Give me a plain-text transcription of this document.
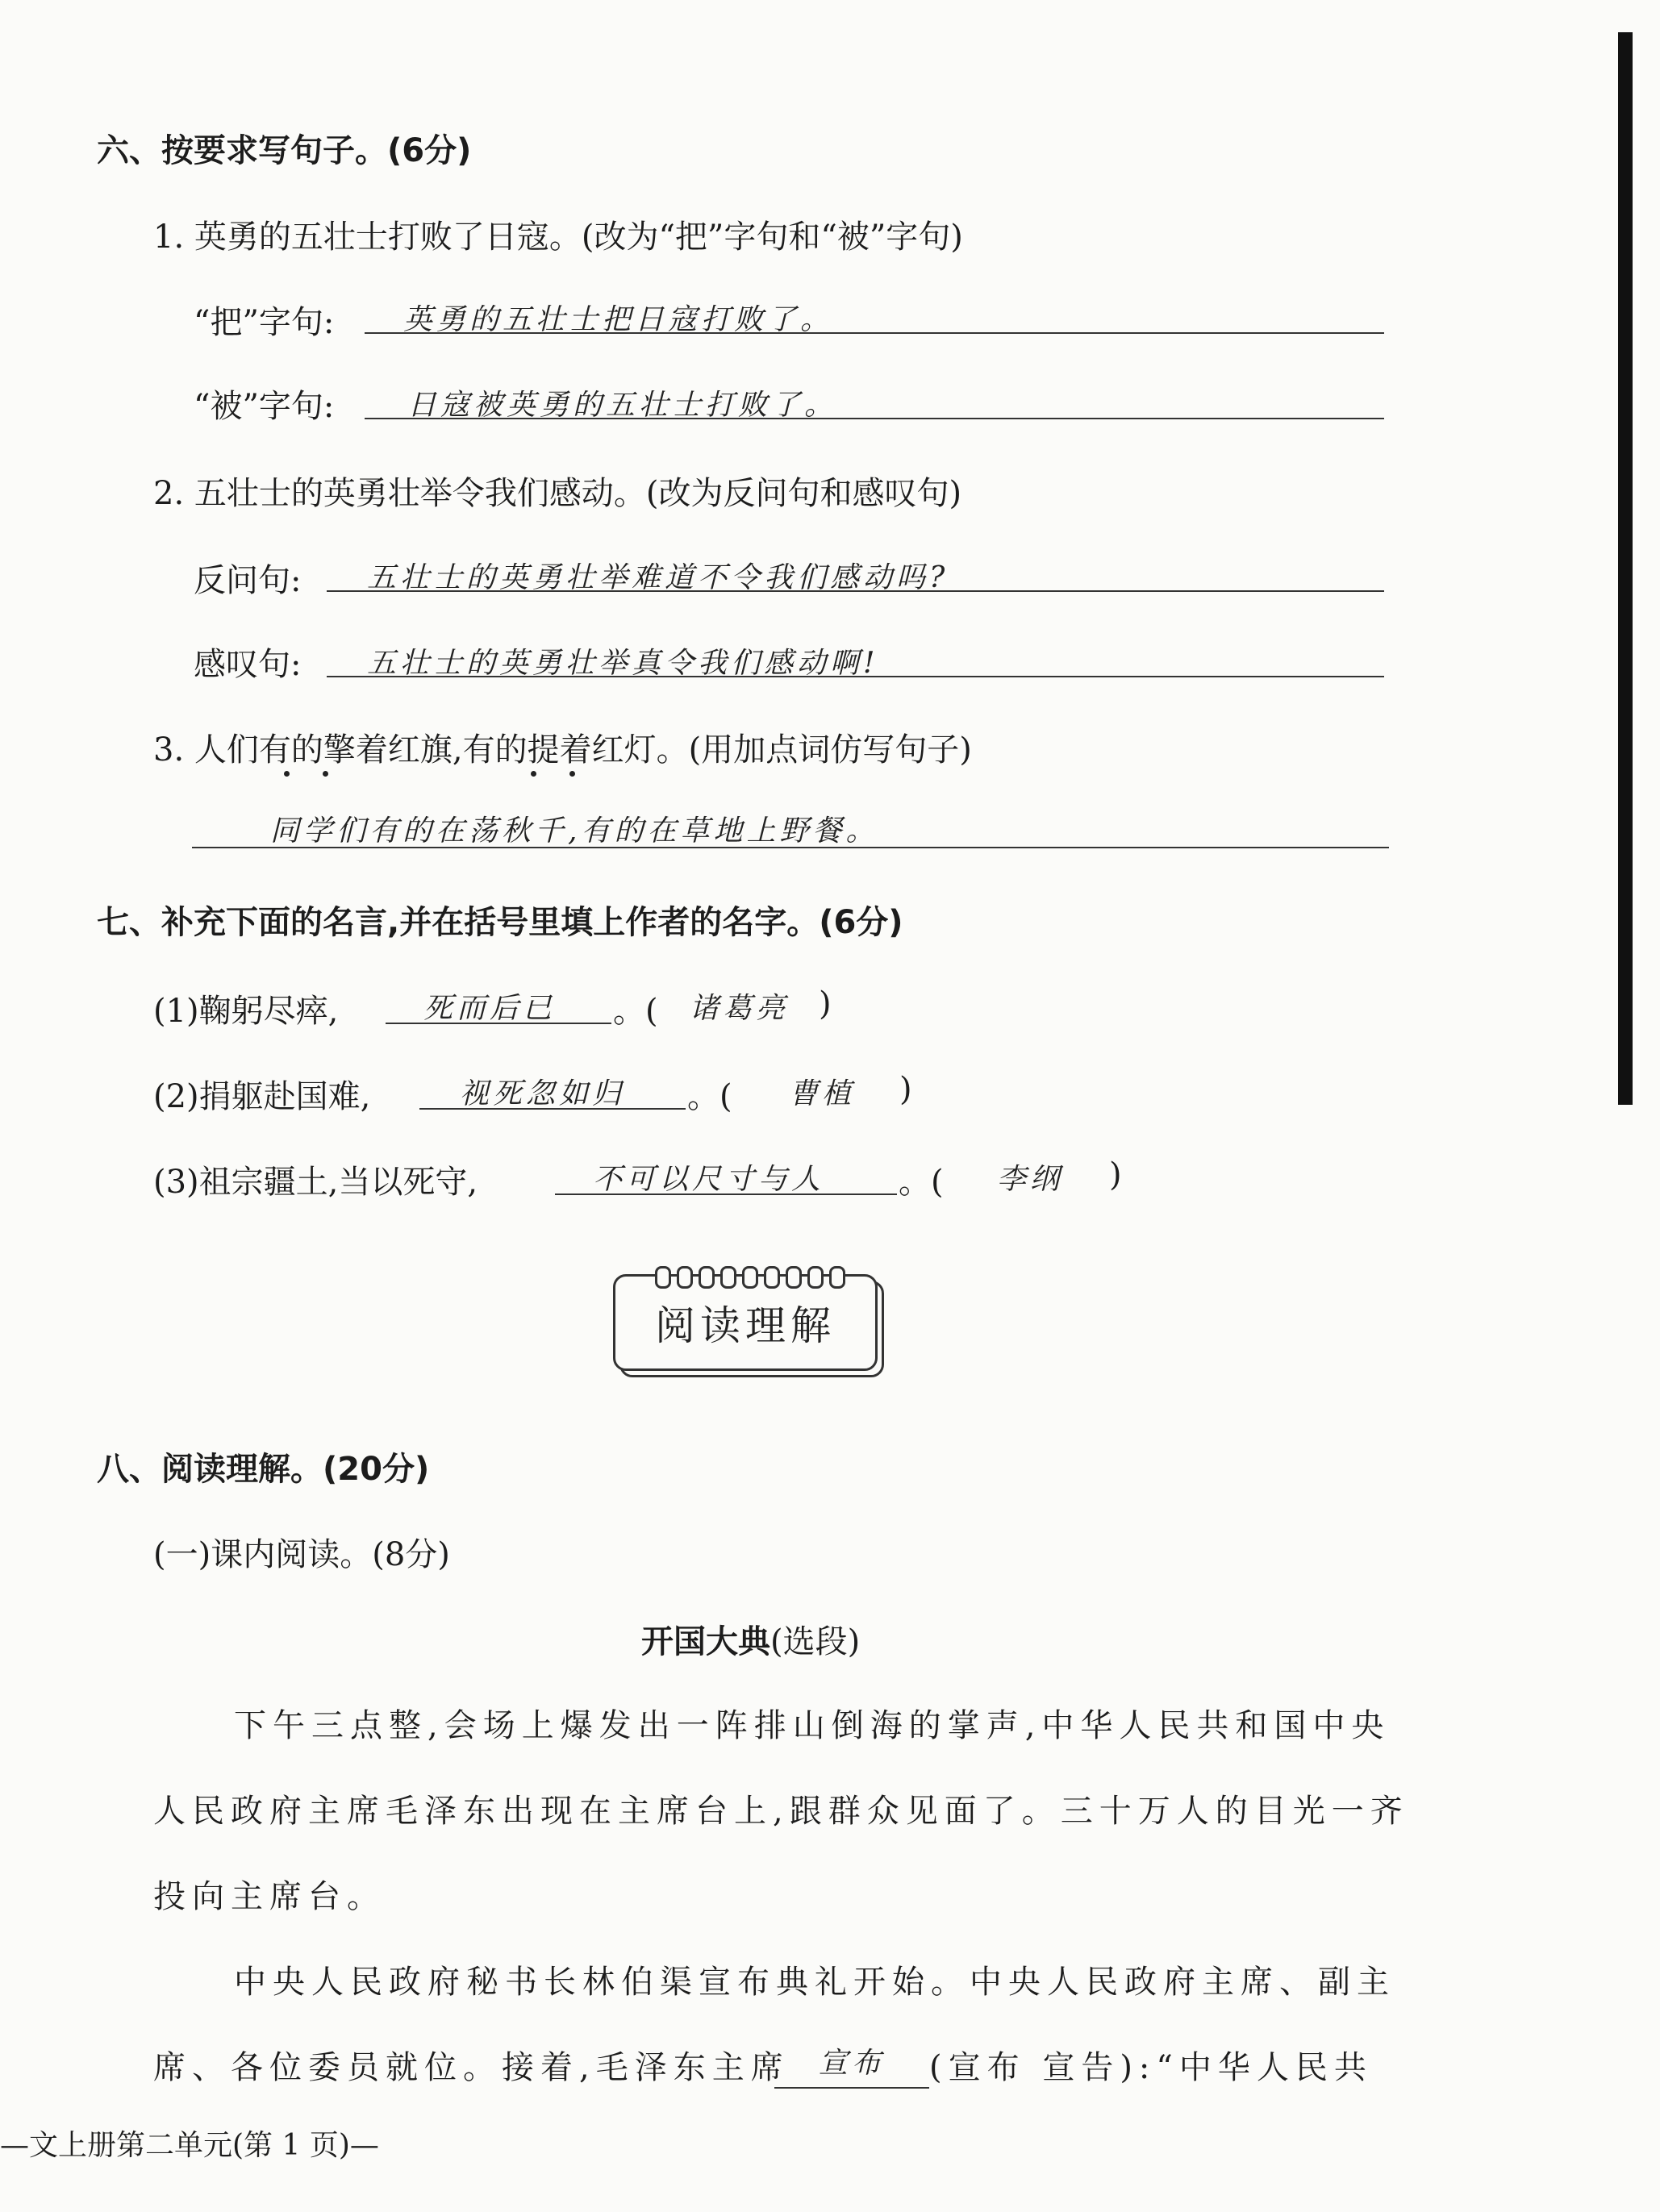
六、按要求写句子。(6分)
1. 英勇的五壮士打败了日寇。(改为“把”字句和“被”字句)
“把”字句: 英勇的五壮士把日寇打败了。
“被”字句:	日寇被英勇的五壮士打败了。
2. 五壮士的英勇壮举令我们感动。(改为反问句和感叹句)
反问句: 五壮士的英勇壮举难道不令我们感动吗?
感叹句: 五壮士的英勇壮举真令我们感动啊!
3. 人们有的擎着红旗,有的提着红灯。(用加点词仿写句子)
同学们有的在荡秋千,有的在草地上野餐。
七、补充下面的名言,并在括号里填上作者的名字。(6分)
(1)鞠躬尽瘁,	死而后已 。( 诸葛亮 )
(2)捐躯赴国难,	视死忽如归 。( 曹植 )
(3)祖宗疆土,当以死守,	不可以尺寸与人 。( 李纲 )
阅读理解
八、阅读理解。(20分)
(一)课内阅读。(8分)
开国大典(选段)
下午三点整,会场上爆发出一阵排山倒海的掌声,中华人民共和国中央
人民政府主席毛泽东出现在主席台上,跟群众见面了。三十万人的目光一齐
投向主席台。
中央人民政府秘书长林伯渠宣布典礼开始。中央人民政府主席、副主
席、各位委员就位。接着,毛泽东主席 宣布 (宣布 宣告):“中华人民共
—文上册第二单元(第 1 页)—
